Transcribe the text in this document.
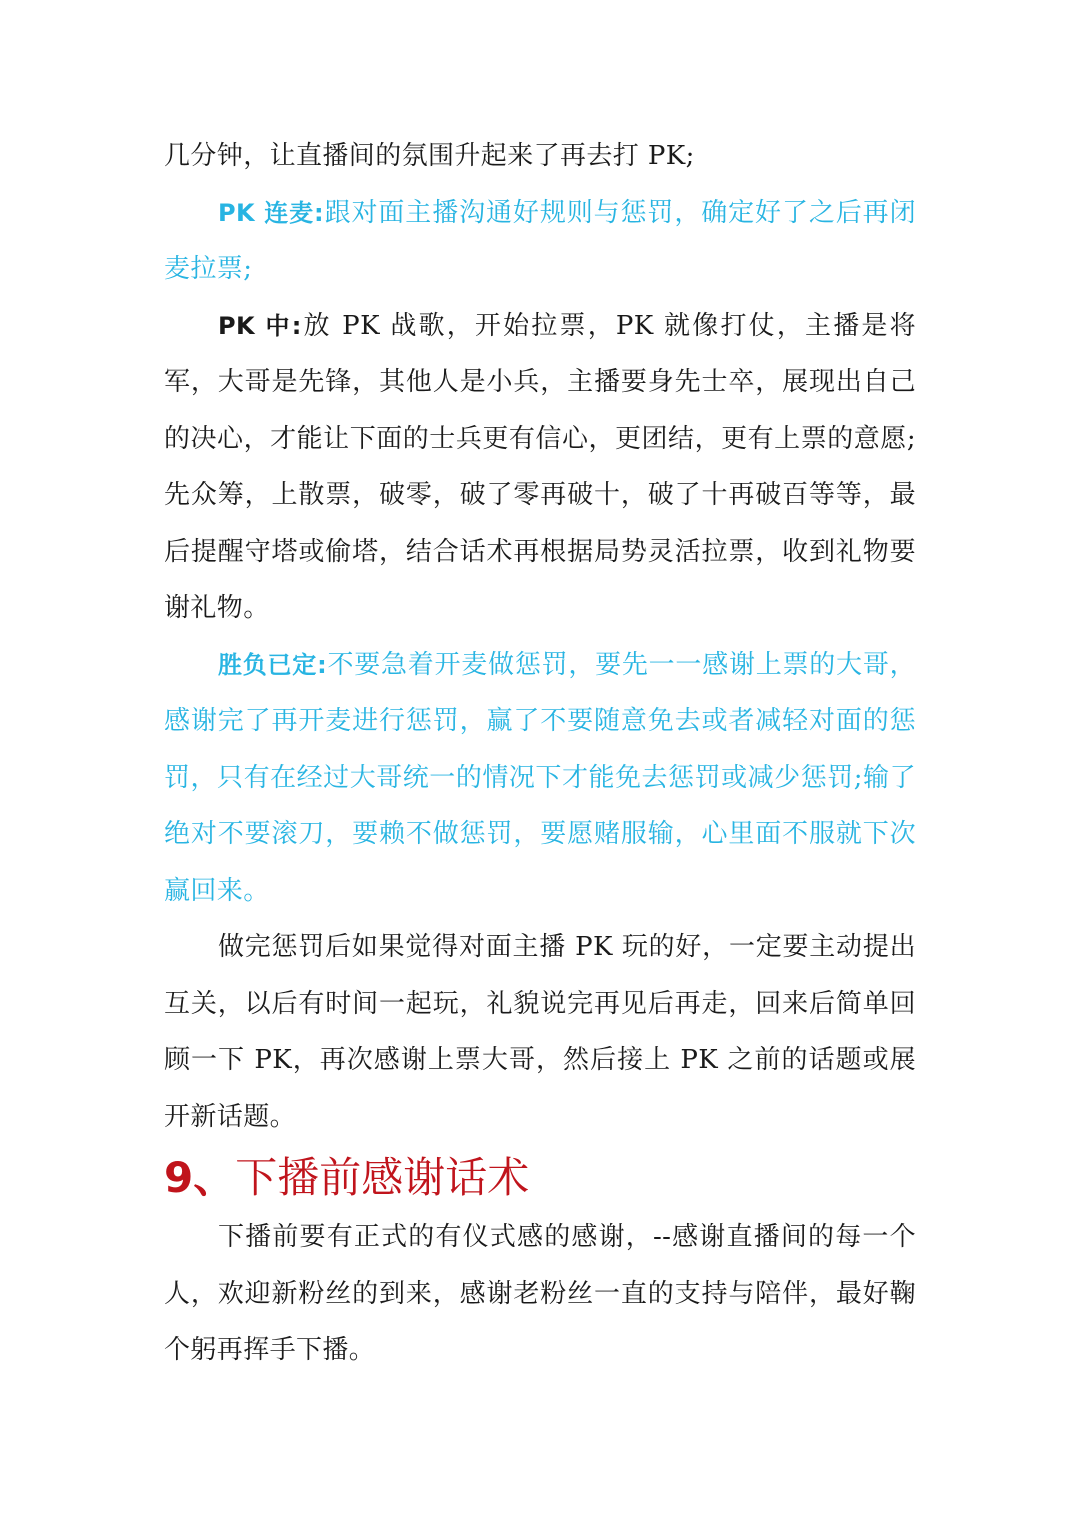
几分钟，让直播间的氛围升起来了再去打 PK;

PK 连麦:跟对面主播沟通好规则与惩罚，确定好了之后再闭麦拉票;

PK 中:放 PK 战歌，开始拉票，PK 就像打仗，主播是将军，大哥是先锋，其他人是小兵，主播要身先士卒，展现出自己的决心，才能让下面的士兵更有信心，更团结，更有上票的意愿;先众筹，上散票，破零，破了零再破十，破了十再破百等等，最后提醒守塔或偷塔，结合话术再根据局势灵活拉票，收到礼物要谢礼物。

胜负已定:不要急着开麦做惩罚，要先一一感谢上票的大哥，感谢完了再开麦进行惩罚，赢了不要随意免去或者减轻对面的惩罚，只有在经过大哥统一的情况下才能免去惩罚或减少惩罚;输了绝对不要滚刀，要赖不做惩罚，要愿赌服输，心里面不服就下次赢回来。

做完惩罚后如果觉得对面主播 PK 玩的好，一定要主动提出互关，以后有时间一起玩，礼貌说完再见后再走，回来后简单回顾一下 PK，再次感谢上票大哥，然后接上 PK 之前的话题或展开新话题。

9、下播前感谢话术

下播前要有正式的有仪式感的感谢，--感谢直播间的每一个人，欢迎新粉丝的到来，感谢老粉丝一直的支持与陪伴，最好鞠个躬再挥手下播。
